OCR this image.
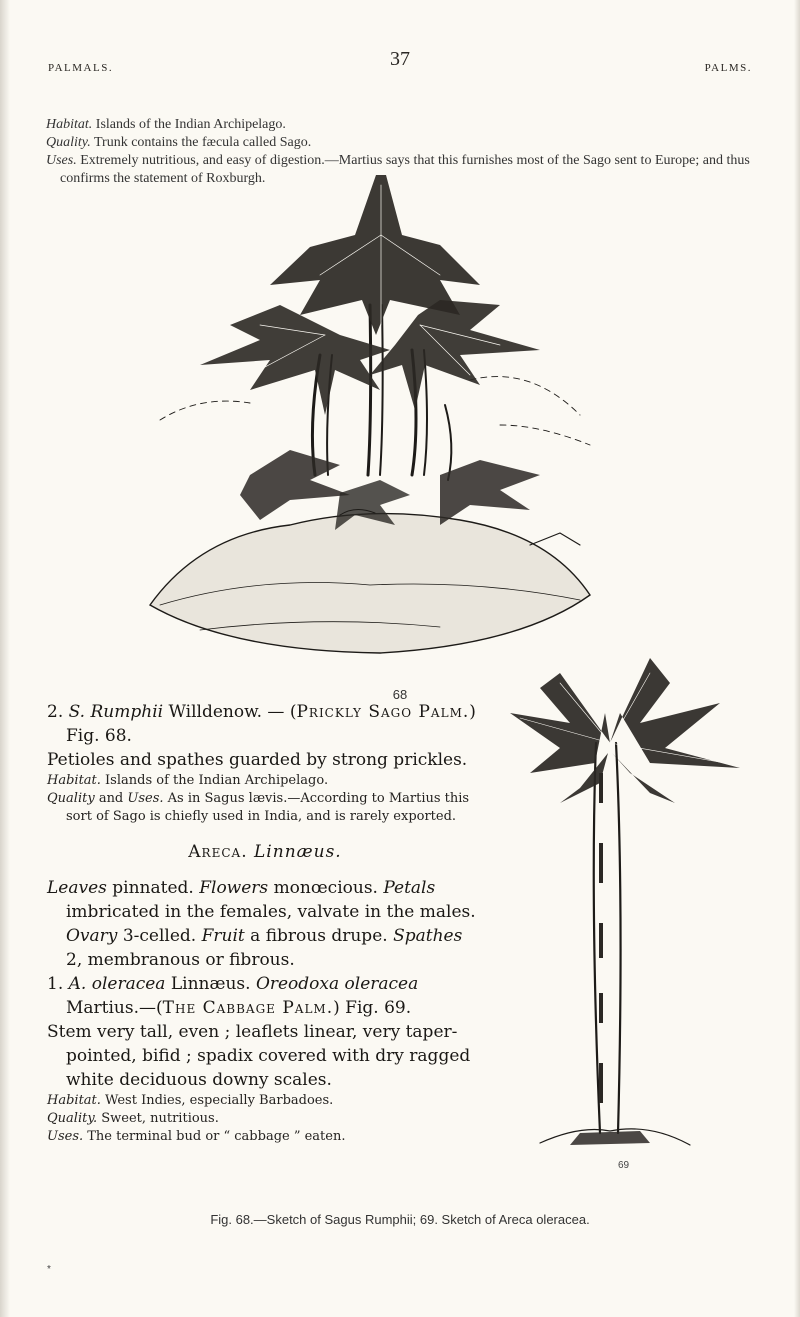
PALMALS.	37	PALMS.

Habitat. Islands of the Indian Archipelago.

Quality. Trunk contains the fæcula called Sago.

Uses. Extremely nutritious, and easy of digestion.—Martius says that this furnishes most of the Sago sent to Europe; and thus confirms the statement of Roxburgh.

68

2. S. Rumphii Willdenow. — (Prickly Sago Palm.) Fig. 68.

Petioles and spathes guarded by strong prickles.

Habitat. Islands of the Indian Archipelago.

Quality and Uses. As in Sagus lævis.—According to Martius this sort of Sago is chiefly used in India, and is rarely exported.

Areca. Linnæus.

Leaves pinnated. Flowers monœcious. Petals imbricated in the females, valvate in the males. Ovary 3-celled. Fruit a fibrous drupe. Spathes 2, membranous or fibrous.

1. A. oleracea Linnæus. Oreodoxa oleracea Martius.—(The Cabbage Palm.) Fig. 69.

Stem very tall, even ; leaflets linear, very taper-pointed, bifid ; spadix covered with dry ragged white deciduous downy scales.

Habitat. West Indies, especially Barbadoes.

Quality. Sweet, nutritious.

Uses. The terminal bud or “ cabbage ” eaten.

69
Fig. 68.—Sketch of Sagus Rumphii; 69. Sketch of Areca oleracea.
*
